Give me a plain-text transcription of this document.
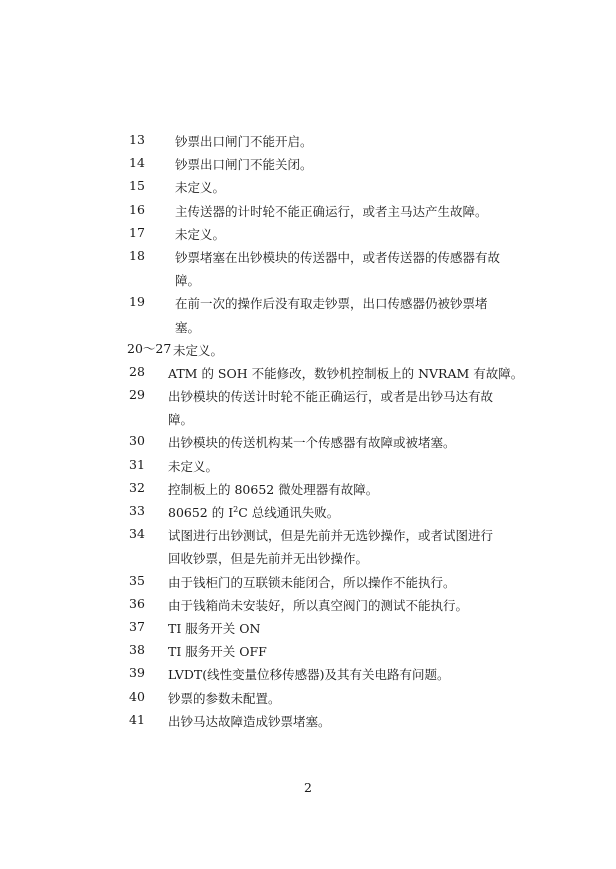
13	钞票出口闸门不能开启。
14	钞票出口闸门不能关闭。
15	未定义。
16	主传送器的计时轮不能正确运行，或者主马达产生故障。
17	未定义。
18	钞票堵塞在出钞模块的传送器中，或者传送器的传感器有故
障。
19	在前一次的操作后没有取走钞票，出口传感器仍被钞票堵
塞。
20～27 未定义。
28	ATM 的 SOH 不能修改，数钞机控制板上的 NVRAM 有故障。
29	出钞模块的传送计时轮不能正确运行，或者是出钞马达有故
障。
30	出钞模块的传送机构某一个传感器有故障或被堵塞。
31	未定义。
32	控制板上的 80652 微处理器有故障。
33	80652 的 $I^2C$ 总线通讯失败。
34	试图进行出钞测试，但是先前并无选钞操作，或者试图进行
回收钞票，但是先前并无出钞操作。
35	由于钱柜门的互联锁未能闭合，所以操作不能执行。
36	由于钱箱尚未安装好，所以真空阀门的测试不能执行。
37	TI 服务开关 ON
38	TI 服务开关 OFF
39	LVDT(线性变量位移传感器)及其有关电路有问题。
40	钞票的参数未配置。
41	出钞马达故障造成钞票堵塞。
2
